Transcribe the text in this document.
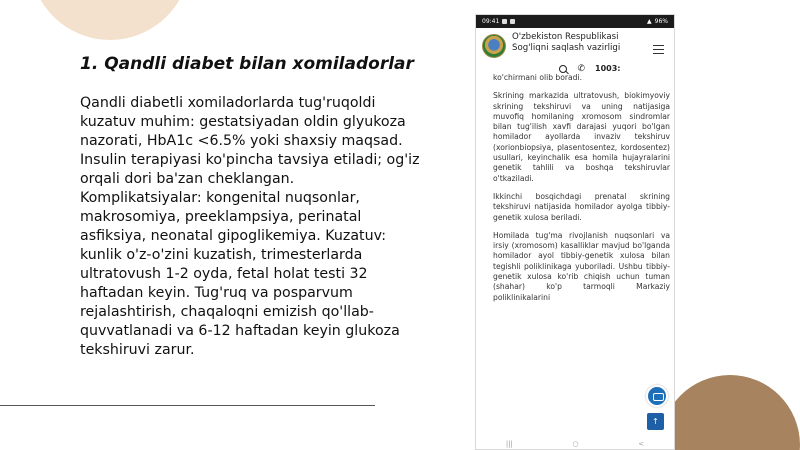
1. Qandli diabet bilan xomiladorlar

Qandli diabetli xomiladorlarda tug'ruqoldi kuzatuv muhim: gestatsiyadan oldin glyukoza nazorati, HbA1c <6.5% yoki shaxsiy maqsad. Insulin terapiyasi ko'pincha tavsiya etiladi; og'iz orqali dori ba'zan cheklangan. Komplikatsiyalar: kongenital nuqsonlar, makrosomiya, preeklampsiya, perinatal asfiksiya, neonatal gipoglikemiya. Kuzatuv: kunlik o'z-o'zini kuzatish, trimesterlarda ultratovush 1-2 oyda, fetal holat testi 32 haftadan keyin. Tug'ruq va posparvum rejalashtirish, chaqaloqni emizish qo'llab-quvvatlanadi va 6-12 haftadan keyin glukoza tekshiruvi zarur.

09:41	▲ 96%
O'zbekiston Respublikasi Sog'liqni saqlash vazirligi
✆ 1003:

ko'chirmani olib boradi.

Skrining markazida ultratovush, biokimyoviy skrining tekshiruvi va uning natijasiga muvofiq homilaning xromosom sindromlar bilan tug'ilish xavfi darajasi yuqori bo'lgan homilador ayollarda invaziv tekshiruv (xorionbiopsiya, plasentosentez, kordosentez) usullari, keyinchalik esa homila hujayralarini genetik tahlili va boshqa tekshiruvlar o'tkaziladi.

Ikkinchi bosqichdagi prenatal skrining tekshiruvi natijasida homilador ayolga tibbiy-genetik xulosa beriladi.

Homilada tug'ma rivojlanish nuqsonlari va irsiy (xromosom) kasalliklar mavjud bo'lganda homilador ayol tibbiy-genetik xulosa bilan tegishli poliklinikaga yuboriladi. Ushbu tibbiy-genetik xulosa ko'rib chiqish uchun tuman (shahar) ko'p tarmoqli Markaziy poliklinikalarini

↑
|||	○	<
